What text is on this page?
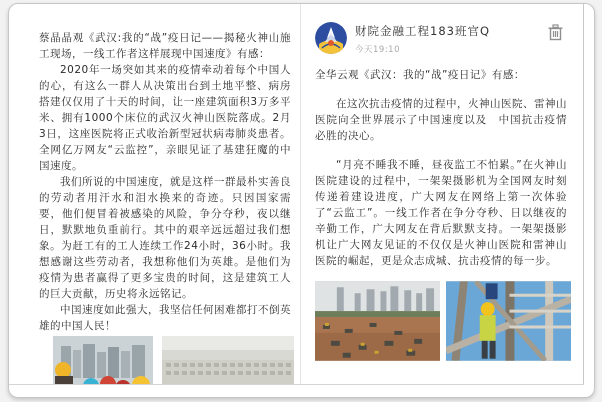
蔡晶晶观《武汉:我的“战”疫日记——揭秘火神山施工现场，一线工作者这样展现中国速度》有感：

2020年一场突如其来的疫情牵动着每个中国人的心，有这么一群人从决策出台到土地平整、病房搭建仅仅用了十天的时间，让一座建筑面积3万多平米、拥有1000个床位的武汉火神山医院落成。2月3日，这座医院将正式收治新型冠状病毒肺炎患者。全网亿万网友“云监控”，亲眼见证了基建狂魔的中国速度。

我们所说的中国速度，就是这样一群最朴实善良的劳动者用汗水和泪水换来的奇迹。只因国家需要，他们便冒着被感染的风险，争分夺秒，夜以继日，默默地负重前行。其中的艰辛远远超过我们想象。为赶工有的工人连续工作24小时，36小时。我想感谢这些劳动者，我想称他们为英雄。是他们为疫情为患者赢得了更多宝贵的时间，这是建筑工人的巨大贡献，历史将永远铭记。

中国速度如此强大，我坚信任何困难都打不倒英雄的中国人民！

财院金融工程183班官Q
今天19:10

全华云观《武汉：我的“战”疫日记》有感：

在这次抗击疫情的过程中，火神山医院、雷神山医院向全世界展示了中国速度以及　中国抗击疫情必胜的决心。

“月亮不睡我不睡，昼夜监工不怕累。”在火神山医院建设的过程中，一架架摄影机为全国网友时刻传递着建设进度，广大网友在网络上第一次体验了“云监工”。一线工作者在争分夺秒、日以继夜的辛勤工作，广大网友在背后默默支持。一架架摄影机让广大网友见证的不仅仅是火神山医院和雷神山医院的崛起，更是众志成城、抗击疫情的每一步。
